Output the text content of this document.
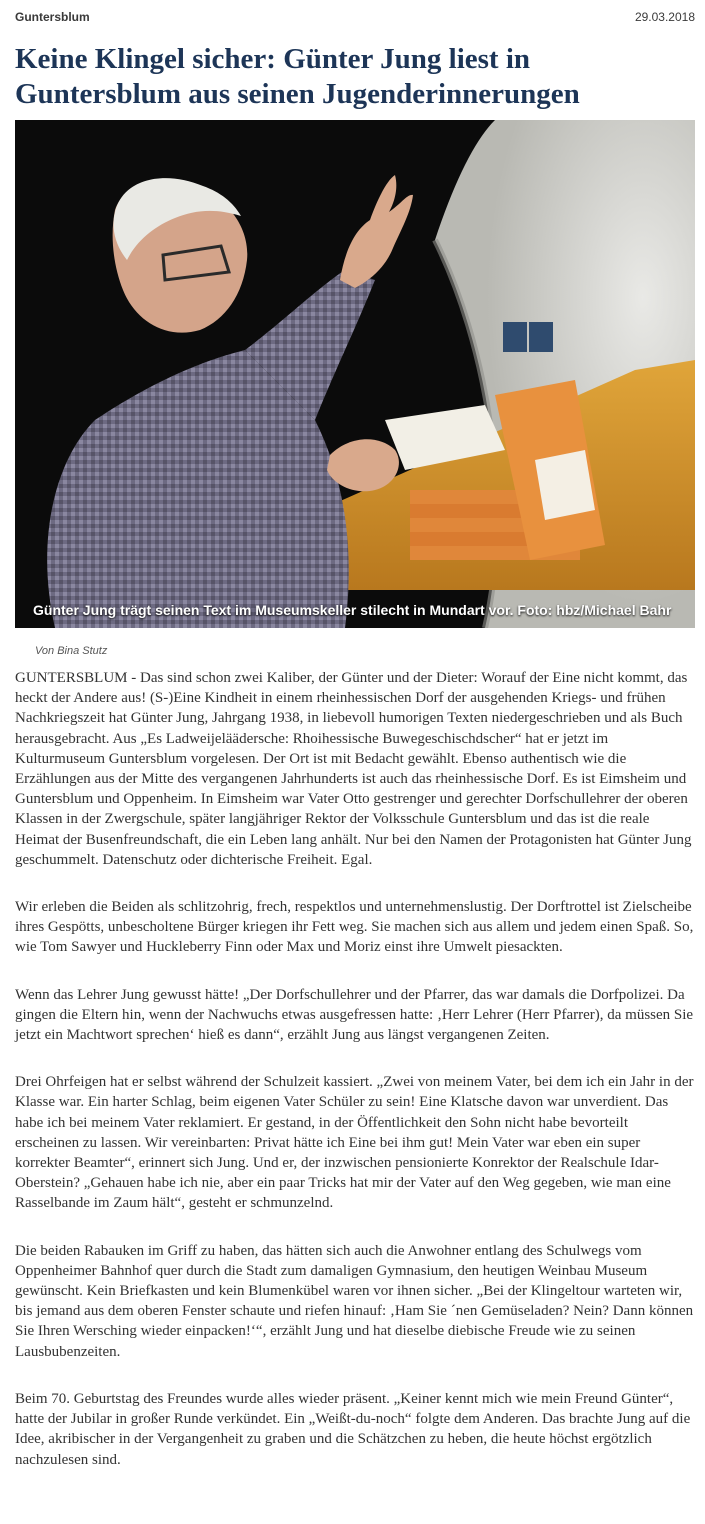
Guntersblum	29.03.2018
Keine Klingel sicher: Günter Jung liest in Guntersblum aus seinen Jugenderinnerungen
Günter Jung trägt seinen Text im Museumskeller stilecht in Mundart vor. Foto: hbz/Michael Bahr
Von Bina Stutz

GUNTERSBLUM - Das sind schon zwei Kaliber, der Günter und der Dieter: Worauf der Eine nicht kommt, das heckt der Andere aus! (S-)Eine Kindheit in einem rheinhessischen Dorf der ausgehenden Kriegs- und frühen Nachkriegszeit hat Günter Jung, Jahrgang 1938, in liebevoll humorigen Texten niedergeschrieben und als Buch herausgebracht. Aus „Es Ladweijeläädersche: Rhoihessische Buwegeschischdscher“ hat er jetzt im Kulturmuseum Guntersblum vorgelesen. Der Ort ist mit Bedacht gewählt. Ebenso authentisch wie die Erzählungen aus der Mitte des vergangenen Jahrhunderts ist auch das rheinhessische Dorf. Es ist Eimsheim und Guntersblum und Oppenheim. In Eimsheim war Vater Otto gestrenger und gerechter Dorfschullehrer der oberen Klassen in der Zwergschule, später langjähriger Rektor der Volksschule Guntersblum und das ist die reale Heimat der Busenfreundschaft, die ein Leben lang anhält. Nur bei den Namen der Protagonisten hat Günter Jung geschummelt. Datenschutz oder dichterische Freiheit. Egal.

Wir erleben die Beiden als schlitzohrig, frech, respektlos und unternehmenslustig. Der Dorftrottel ist Zielscheibe ihres Gespötts, unbescholtene Bürger kriegen ihr Fett weg. Sie machen sich aus allem und jedem einen Spaß. So, wie Tom Sawyer und Huckleberry Finn oder Max und Moriz einst ihre Umwelt piesackten.

Wenn das Lehrer Jung gewusst hätte! „Der Dorfschullehrer und der Pfarrer, das war damals die Dorfpolizei. Da gingen die Eltern hin, wenn der Nachwuchs etwas ausgefressen hatte: ‚Herr Lehrer (Herr Pfarrer), da müssen Sie jetzt ein Machtwort sprechen‘ hieß es dann“, erzählt Jung aus längst vergangenen Zeiten.

Drei Ohrfeigen hat er selbst während der Schulzeit kassiert. „Zwei von meinem Vater, bei dem ich ein Jahr in der Klasse war. Ein harter Schlag, beim eigenen Vater Schüler zu sein! Eine Klatsche davon war unverdient. Das habe ich bei meinem Vater reklamiert. Er gestand, in der Öffentlichkeit den Sohn nicht habe bevorteilt erscheinen zu lassen. Wir vereinbarten: Privat hätte ich Eine bei ihm gut! Mein Vater war eben ein super korrekter Beamter“, erinnert sich Jung. Und er, der inzwischen pensionierte Konrektor der Realschule Idar-Oberstein? „Gehauen habe ich nie, aber ein paar Tricks hat mir der Vater auf den Weg gegeben, wie man eine Rasselbande im Zaum hält“, gesteht er schmunzelnd.

Die beiden Rabauken im Griff zu haben, das hätten sich auch die Anwohner entlang des Schulwegs vom Oppenheimer Bahnhof quer durch die Stadt zum damaligen Gymnasium, den heutigen Weinbau Museum gewünscht. Kein Briefkasten und kein Blumenkübel waren vor ihnen sicher. „Bei der Klingeltour warteten wir, bis jemand aus dem oberen Fenster schaute und riefen hinauf: ‚Ham Sie ´nen Gemüseladen? Nein? Dann können Sie Ihren Wersching wieder einpacken!‘“, erzählt Jung und hat dieselbe diebische Freude wie zu seinen Lausbubenzeiten.

Beim 70. Geburtstag des Freundes wurde alles wieder präsent. „Keiner kennt mich wie mein Freund Günter“, hatte der Jubilar in großer Runde verkündet. Ein „Weißt-du-noch“ folgte dem Anderen. Das brachte Jung auf die Idee, akribischer in der Vergangenheit zu graben und die Schätzchen zu heben, die heute höchst ergötzlich nachzulesen sind.
